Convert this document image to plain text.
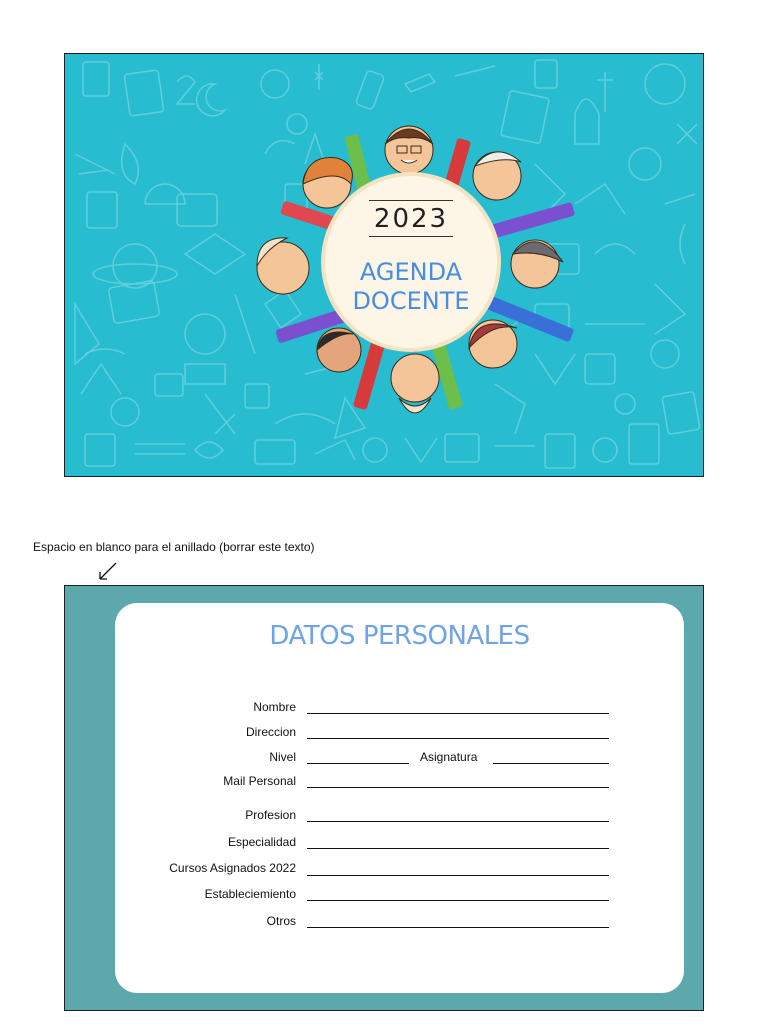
2023
AGENDA
DOCENTE
Espacio en blanco para el anillado (borrar este texto)
DATOS PERSONALES
Nombre
Direccion
Nivel	Asignatura
Mail Personal
Profesion
Especialidad
Cursos Asignados 2022
Estableciemiento
Otros
